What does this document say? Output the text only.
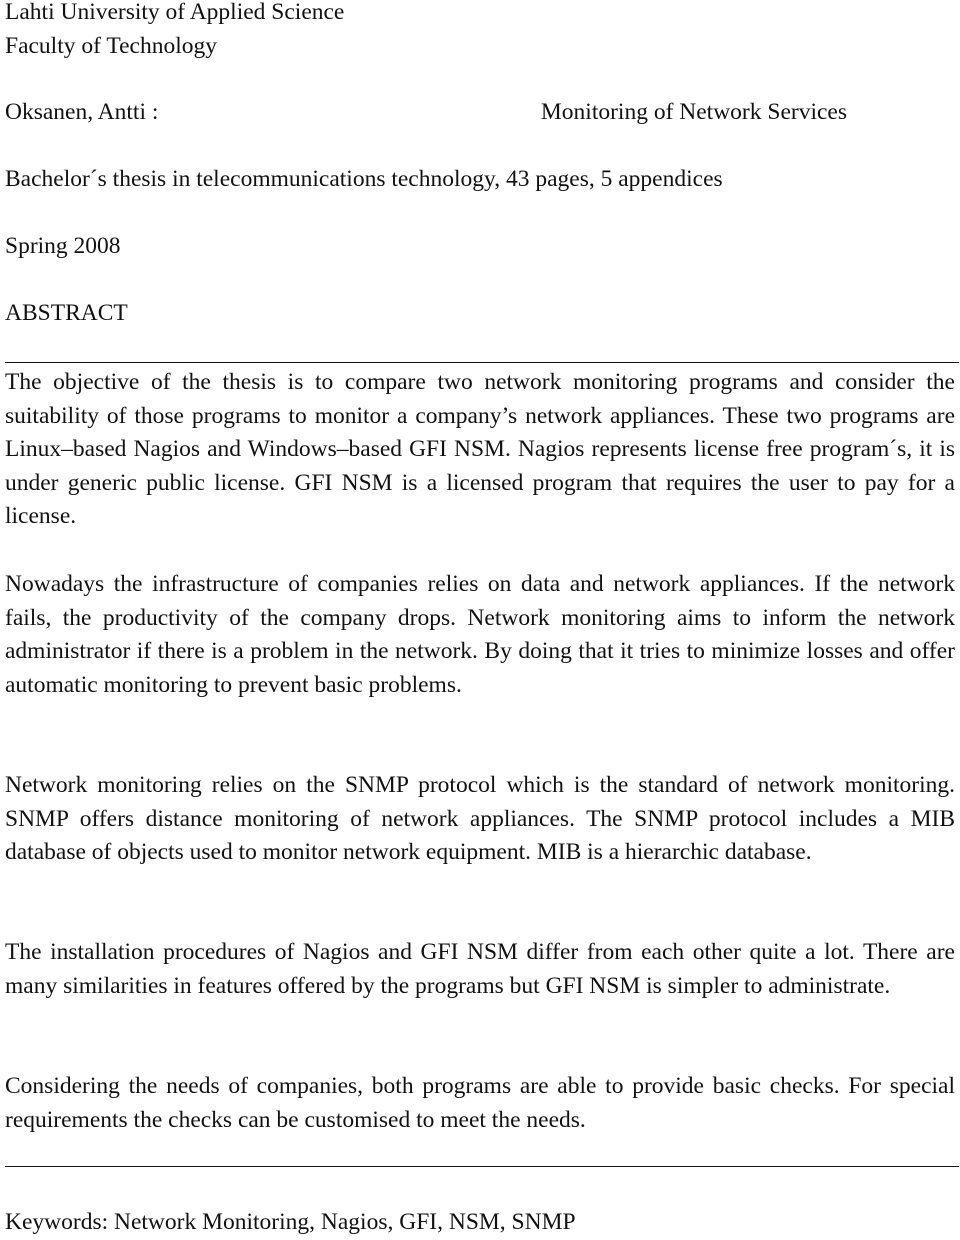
Lahti University of Applied Science
Faculty of Technology
Oksanen, Antti :	Monitoring of Network Services
Bachelor´s thesis in telecommunications technology, 43 pages, 5 appendices
Spring 2008
ABSTRACT
The objective of the thesis is to compare two network monitoring programs and consider the suitability of those programs to monitor a company’s network appliances. These two programs are Linux–based Nagios and Windows–based GFI NSM. Nagios represents license free program´s, it is under generic public license. GFI NSM is a licensed program that requires the user to pay for a license.
Nowadays the infrastructure of companies relies on data and network appliances. If the network fails, the productivity of the company drops. Network monitoring aims to inform the network administrator if there is a problem in the network. By doing that it tries to minimize losses and offer automatic monitoring to prevent basic problems.
Network monitoring relies on the SNMP protocol which is the standard of network monitoring. SNMP offers distance monitoring of network appliances. The SNMP protocol includes a MIB database of objects used to monitor network equipment. MIB is a hierarchic database.
The installation procedures of Nagios and GFI NSM differ from each other quite a lot. There are many similarities in features offered by the programs but GFI NSM is simpler to administrate.
Considering the needs of companies, both programs are able to provide basic checks. For special requirements the checks can be customised to meet the needs.
Keywords: Network Monitoring, Nagios, GFI, NSM, SNMP
